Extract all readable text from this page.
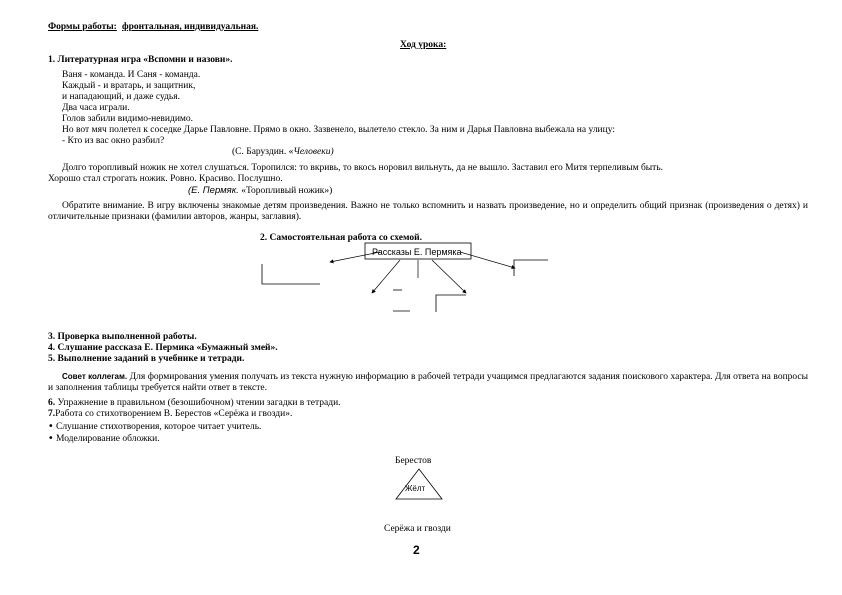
Формы работы: фронтальная, индивидуальная.
Ход урока:
1. Литературная игра «Вспомни и назови».
Ваня - команда. И Саня - команда.
Каждый - и вратарь, и защитник,
и нападающий, и даже судья.
Два часа играли.
Голов забили видимо-невидимо.
Но вот мяч полетел к соседке Дарье Павловне. Прямо в окно. Зазвенело, вылетело стекло. За ним и Дарья Павловна выбежала на улицу:
- Кто из вас окно разбил?
(С. Баруздин. «Человеки)
Долго торопливый ножик не хотел слушаться. Торопился: то вкривь, то вкось норовил вильнуть, да не вышло. Заставил его Митя терпеливым быть.
Хорошо стал строгать ножик. Ровно. Красиво. Послушно.
(Е. Пермяк. «Торопливый ножик»)
Обратите внимание. В игру включены знакомые детям произведения. Важно не только вспомнить и назвать произведение, но и определить общий признак (произведения о детях) и отличительные признаки (фамилии авторов, жанры, заглавия).
2. Самостоятельная работа со схемой.
Рассказы Е. Пермяка
3. Проверка выполненной работы.
4. Слушание рассказа Е. Пермика «Бумажный змей».
5. Выполнение заданий в учебнике и тетради.
Совет коллегам. Для формирования умения получать из текста нужную информацию в рабочей тетради учащимся предлагаются задания поискового характера. Для ответа на вопросы и заполнения таблицы требуется найти ответ в тексте.
6. Упражнение в правильном (безошибочном) чтении загадки в тетради.
7.Работа со стихотворением В. Берестов «Серёжа и гвозди».
• Слушание стихотворения, которое читает учитель.
• Моделирование обложки.
Берестов
Жёлт
Серёжа и гвозди
2
